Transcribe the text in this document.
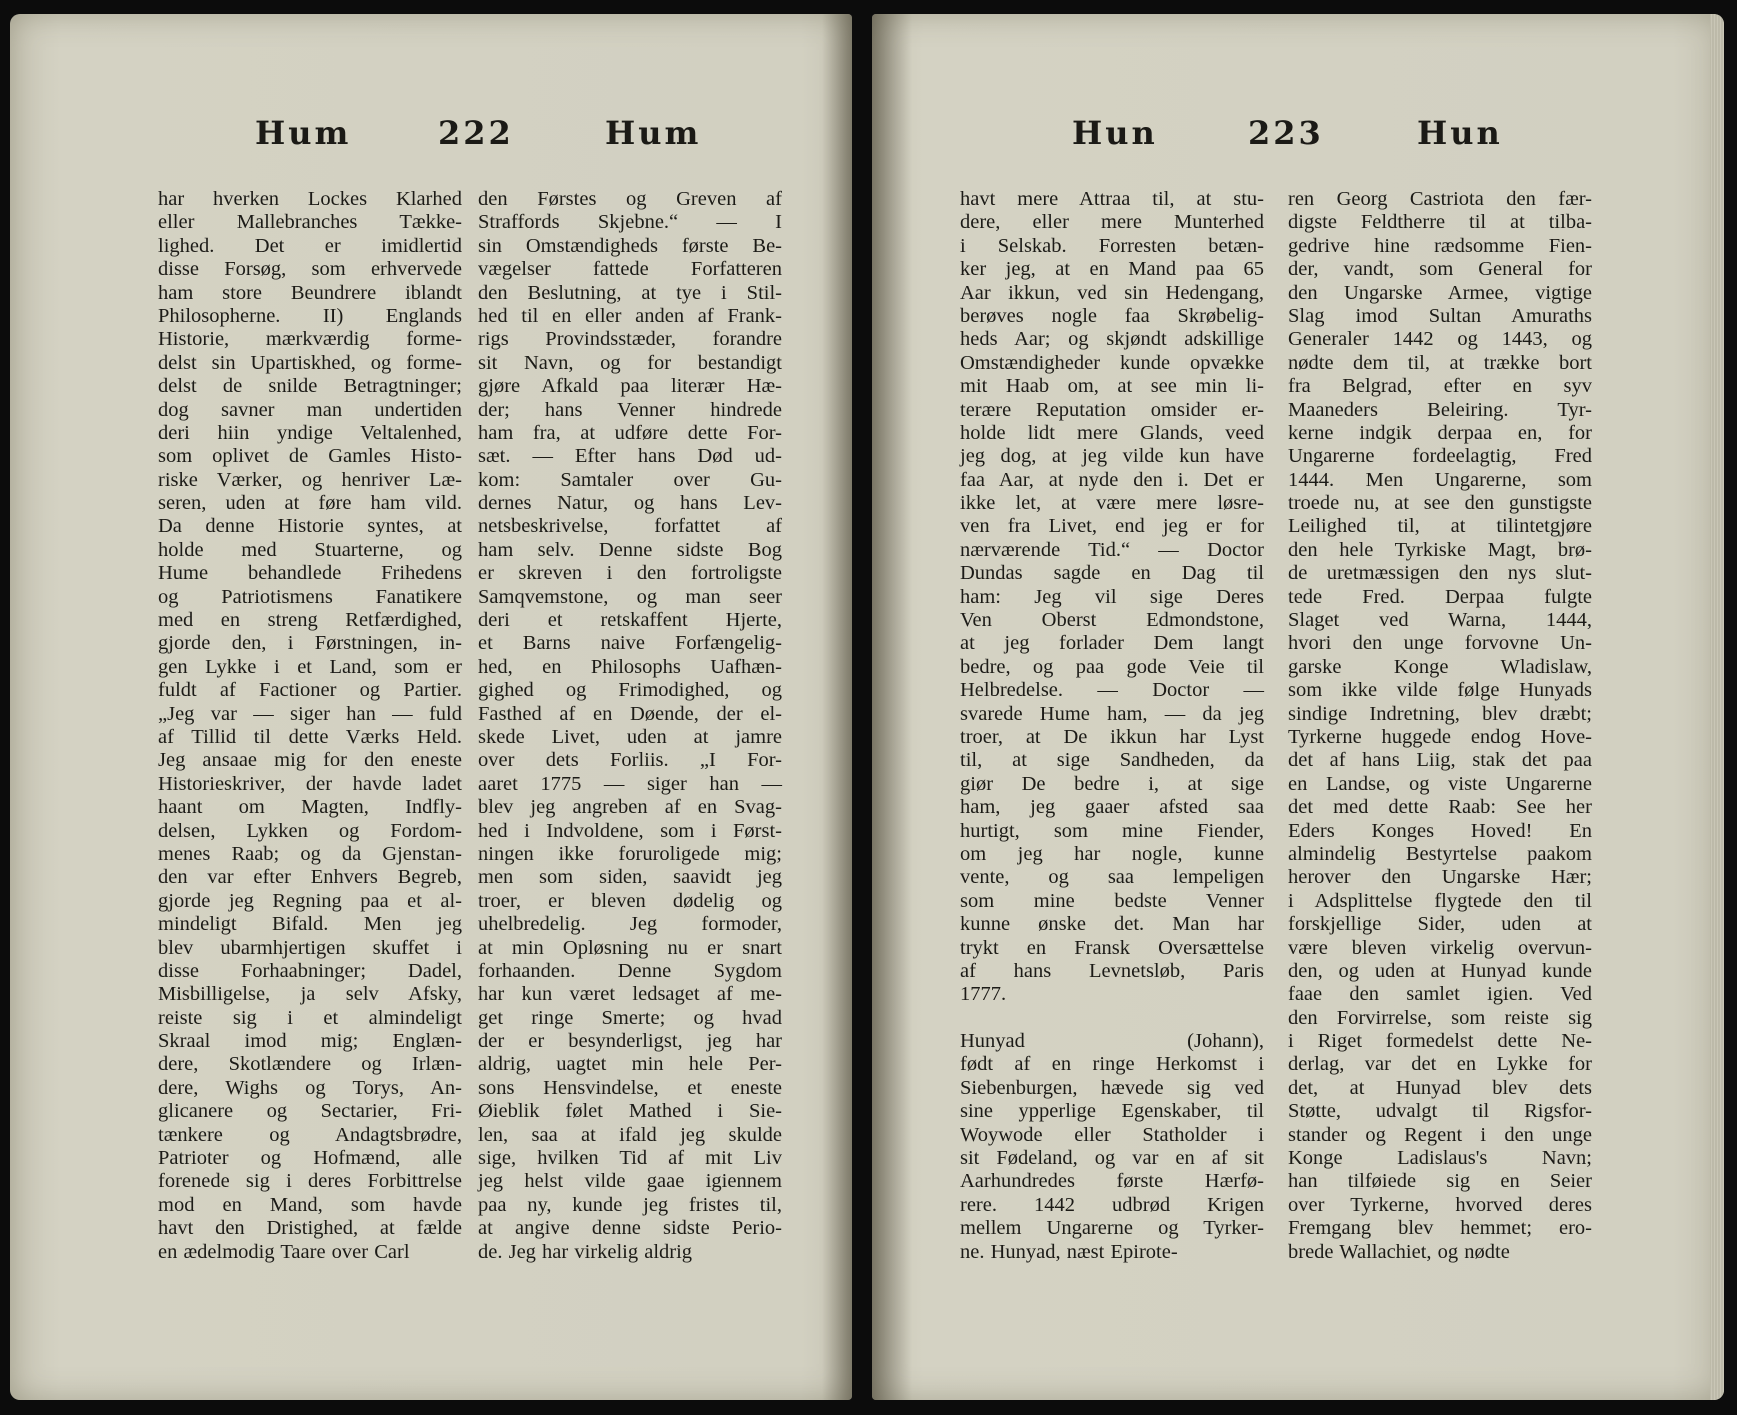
Hum	222	Hum
har hverken Lockes Klarhed
eller Mallebranches Tække-
lighed. Det er imidlertid
disse Forsøg, som erhvervede
ham store Beundrere iblandt
Philosopherne. II) Englands
Historie, mærkværdig forme-
delst sin Upartiskhed, og forme-
delst de snilde Betragtninger;
dog savner man undertiden
deri hiin yndige Veltalenhed,
som oplivet de Gamles Histo-
riske Værker, og henriver Læ-
seren, uden at føre ham vild.
Da denne Historie syntes, at
holde med Stuarterne, og
Hume behandlede Frihedens
og Patriotismens Fanatikere
med en streng Retfærdighed,
gjorde den, i Førstningen, in-
gen Lykke i et Land, som er
fuldt af Factioner og Partier.
„Jeg var — siger han — fuld
af Tillid til dette Værks Held.
Jeg ansaae mig for den eneste
Historieskriver, der havde ladet
haant om Magten, Indfly-
delsen, Lykken og Fordom-
menes Raab; og da Gjenstan-
den var efter Enhvers Begreb,
gjorde jeg Regning paa et al-
mindeligt Bifald. Men jeg
blev ubarmhjertigen skuffet i
disse Forhaabninger; Dadel,
Misbilligelse, ja selv Afsky,
reiste sig i et almindeligt
Skraal imod mig; Englæn-
dere, Skotlændere og Irlæn-
dere, Wighs og Torys, An-
glicanere og Sectarier, Fri-
tænkere og Andagtsbrødre,
Patrioter og Hofmænd, alle
forenede sig i deres Forbittrelse
mod en Mand, som havde
havt den Dristighed, at fælde
en ædelmodig Taare over Carl
den Førstes og Greven af
Straffords Skjebne.“ — I
sin Omstændigheds første Be-
vægelser fattede Forfatteren
den Beslutning, at tye i Stil-
hed til en eller anden af Frank-
rigs Provindsstæder, forandre
sit Navn, og for bestandigt
gjøre Afkald paa literær Hæ-
der; hans Venner hindrede
ham fra, at udføre dette For-
sæt. — Efter hans Død ud-
kom: Samtaler over Gu-
dernes Natur, og hans Lev-
netsbeskrivelse, forfattet af
ham selv. Denne sidste Bog
er skreven i den fortroligste
Samqvemstone, og man seer
deri et retskaffent Hjerte,
et Barns naive Forfængelig-
hed, en Philosophs Uafhæn-
gighed og Frimodighed, og
Fasthed af en Døende, der el-
skede Livet, uden at jamre
over dets Forliis. „I For-
aaret 1775 — siger han —
blev jeg angreben af en Svag-
hed i Indvoldene, som i Først-
ningen ikke foruroligede mig;
men som siden, saavidt jeg
troer, er bleven dødelig og
uhelbredelig. Jeg formoder,
at min Opløsning nu er snart
forhaanden. Denne Sygdom
har kun været ledsaget af me-
get ringe Smerte; og hvad
der er besynderligst, jeg har
aldrig, uagtet min hele Per-
sons Hensvindelse, et eneste
Øieblik følet Mathed i Sie-
len, saa at ifald jeg skulde
sige, hvilken Tid af mit Liv
jeg helst vilde gaae igiennem
paa ny, kunde jeg fristes til,
at angive denne sidste Perio-
de. Jeg har virkelig aldrig
Hun	223	Hun
havt mere Attraa til, at stu-
dere, eller mere Munterhed
i Selskab. Forresten betæn-
ker jeg, at en Mand paa 65
Aar ikkun, ved sin Hedengang,
berøves nogle faa Skrøbelig-
heds Aar; og skjøndt adskillige
Omstændigheder kunde opvække
mit Haab om, at see min li-
terære Reputation omsider er-
holde lidt mere Glands, veed
jeg dog, at jeg vilde kun have
faa Aar, at nyde den i. Det er
ikke let, at være mere løsre-
ven fra Livet, end jeg er for
nærværende Tid.“ — Doctor
Dundas sagde en Dag til
ham: Jeg vil sige Deres
Ven Oberst Edmondstone,
at jeg forlader Dem langt
bedre, og paa gode Veie til
Helbredelse. — Doctor —
svarede Hume ham, — da jeg
troer, at De ikkun har Lyst
til, at sige Sandheden, da
giør De bedre i, at sige
ham, jeg gaaer afsted saa
hurtigt, som mine Fiender,
om jeg har nogle, kunne
vente, og saa lempeligen
som mine bedste Venner
kunne ønske det. Man har
trykt en Fransk Oversættelse
af hans Levnetsløb, Paris
1777.
Hunyad (Johann),
født af en ringe Herkomst i
Siebenburgen, hævede sig ved
sine ypperlige Egenskaber, til
Woywode eller Statholder i
sit Fødeland, og var en af sit
Aarhundredes første Hærfø-
rere. 1442 udbrød Krigen
mellem Ungarerne og Tyrker-
ne. Hunyad, næst Epirote-
ren Georg Castriota den fær-
digste Feldtherre til at tilba-
gedrive hine rædsomme Fien-
der, vandt, som General for
den Ungarske Armee, vigtige
Slag imod Sultan Amuraths
Generaler 1442 og 1443, og
nødte dem til, at trække bort
fra Belgrad, efter en syv
Maaneders Beleiring. Tyr-
kerne indgik derpaa en, for
Ungarerne fordeelagtig, Fred
1444. Men Ungarerne, som
troede nu, at see den gunstigste
Leilighed til, at tilintetgjøre
den hele Tyrkiske Magt, brø-
de uretmæssigen den nys slut-
tede Fred. Derpaa fulgte
Slaget ved Warna, 1444,
hvori den unge forvovne Un-
garske Konge Wladislaw,
som ikke vilde følge Hunyads
sindige Indretning, blev dræbt;
Tyrkerne huggede endog Hove-
det af hans Liig, stak det paa
en Landse, og viste Ungarerne
det med dette Raab: See her
Eders Konges Hoved! En
almindelig Bestyrtelse paakom
herover den Ungarske Hær;
i Adsplittelse flygtede den til
forskjellige Sider, uden at
være bleven virkelig overvun-
den, og uden at Hunyad kunde
faae den samlet igien. Ved
den Forvirrelse, som reiste sig
i Riget formedelst dette Ne-
derlag, var det en Lykke for
det, at Hunyad blev dets
Støtte, udvalgt til Rigsfor-
stander og Regent i den unge
Konge Ladislaus's Navn;
han tilføiede sig en Seier
over Tyrkerne, hvorved deres
Fremgang blev hemmet; ero-
brede Wallachiet, og nødte
